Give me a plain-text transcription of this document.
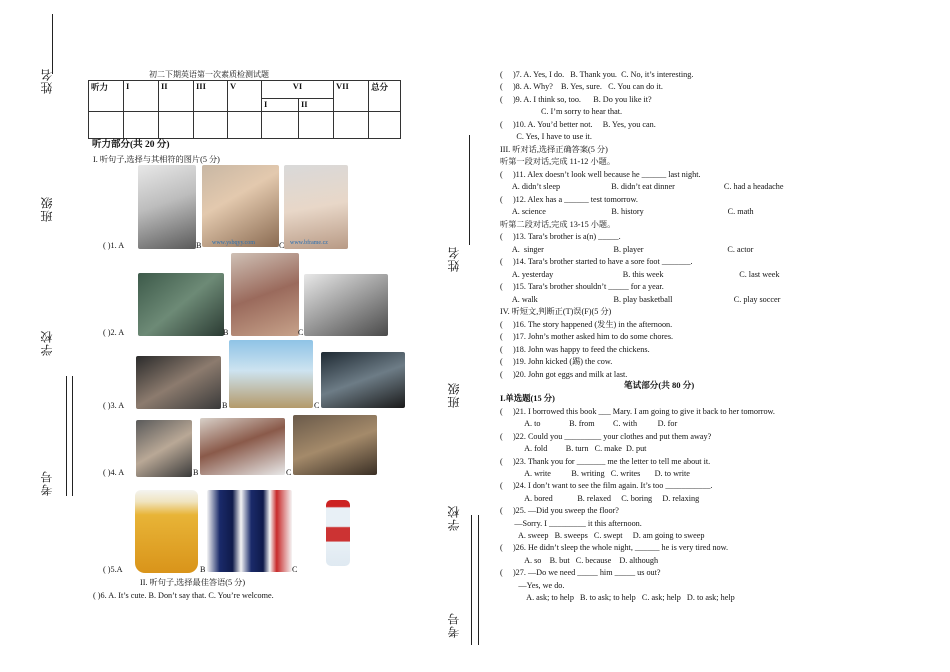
姓名
班级
学校
考号
姓名
班级
学校
考号
初二下期英语第一次素质检测试题
听力	I	II	III	V	VI		VII	总分
					I	II		

听力部分(共 20 分)
I. 听句子,选择与其相符的图片(5 分)
www.ysbqyy.com	www.bframe.cz
( )1. A	B	C
( )2. A	B	C
( )3. A	B	C
( )4. A	B	C
( )5.A	B	C
II. 听句子,选择最佳答语(5 分)
( )6. A. It’s cute. B. Don’t say that. C. You’re welcome.
(     )7. A. Yes, I do.   B. Thank you.  C. No, it’s interesting.
(     )8. A. Why?    B. Yes, sure.   C. You can do it.
(     )9. A. I think so, too.      B. Do you like it?
C. I’m sorry to hear that.
(     )10. A. You’d better not.     B. Yes, you can.
C. Yes, I have to use it.
III. 听对话,选择正确答案(5 分)
听第一段对话,完成 11-12 小题。
(     )11. Alex doesn’t look well because he ______ last night.
A. didn’t sleep                         B. didn’t eat dinner                        C. had a headache
(     )12. Alex has a ______ test tomorrow.
A. science                                B. history                                         C. math
听第二段对话,完成 13-15 小题。
(     )13. Tara’s brother is a(n) _____.
A.  singer                                  B. player                                         C. actor
(     )14. Tara’s brother started to have a sore foot _______.
A. yesterday                                  B. this week                                     C. last week
(     )15. Tara’s brother shouldn’t _____ for a year.
A. walk                                     B. play basketball                              C. play soccer
IV. 听短文,判断正(T)误(F)(5 分)
(     )16. The story happened (发生) in the afternoon.
(     )17. John’s mother asked him to do some chores.
(     )18. John was happy to feed the chickens.
(     )19. John kicked (踢) the cow.
(     )20. John got eggs and milk at last.
笔试部分(共 80 分)
I.单选题(15 分)
(     )21. I borrowed this book ___ Mary. I am going to give it back to her tomorrow.
A. to              B. from         C. with          D. for
(     )22. Could you _________ your clothes and put them away?
A. fold         B. turn   C. make  D. put
(     )23. Thank you for _______ me the letter to tell me about it.
A. write          B. writing   C. writes       D. to write
(     )24. I don’t want to see the film again. It’s too ___________.
A. bored            B. relaxed     C. boring     D. relaxing
(     )25. —Did you sweep the floor?
—Sorry. I _________ it this afternoon.
A. sweep   B. sweeps   C. swept     D. am going to sweep
(     )26. He didn’t sleep the whole night, ______ he is very tired now.
A. so    B. but   C. because    D. although
(     )27. —Do we need _____ him _____ us out?
—Yes, we do.
A. ask; to help   B. to ask; to help   C. ask; help   D. to ask; help
